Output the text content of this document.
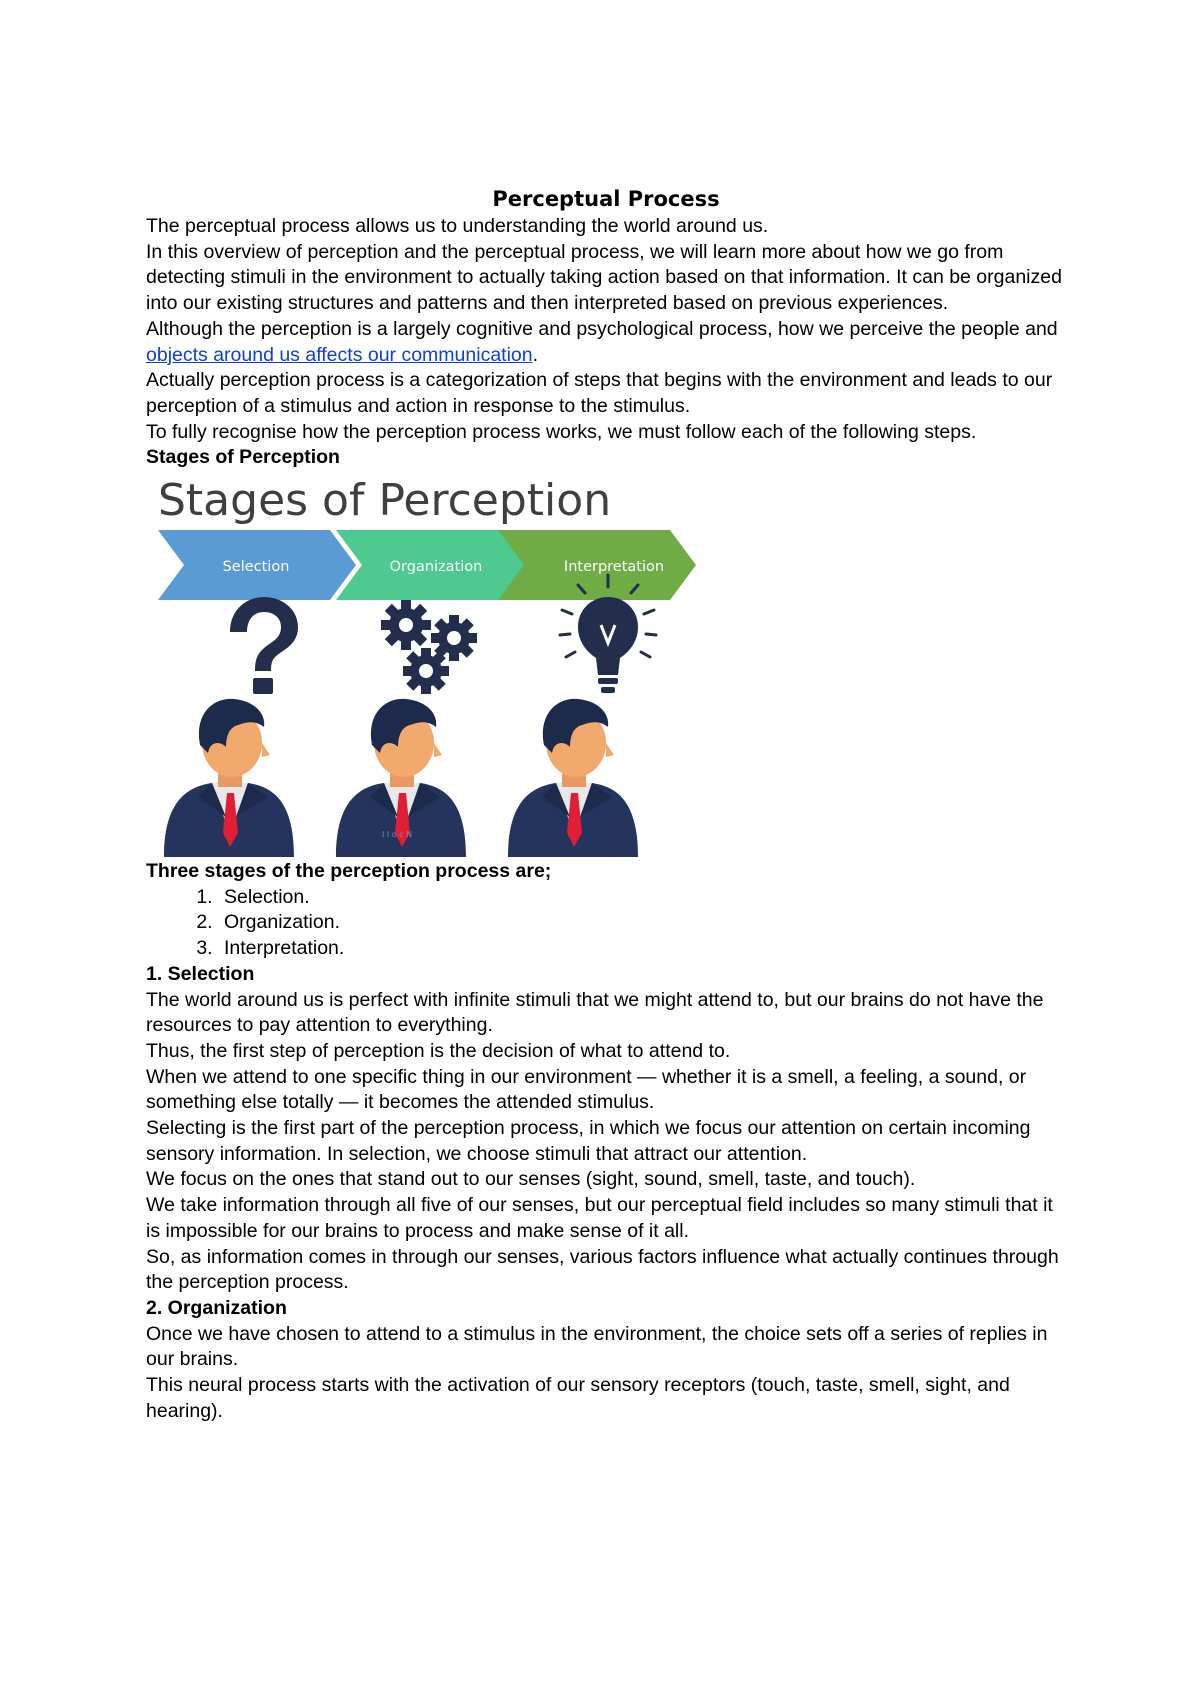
Perceptual Process

The perceptual process allows us to understanding the world around us.

In this overview of perception and the perceptual process, we will learn more about how we go from detecting stimuli in the environment to actually taking action based on that information. It can be organized into our existing structures and patterns and then interpreted based on previous experiences.

Although the perception is a largely cognitive and psychological process, how we perceive the people and objects around us affects our communication.

Actually perception process is a categorization of steps that begins with the environment and leads to our perception of a stimulus and action in response to the stimulus.

To fully recognise how the perception process works, we must follow each of the following steps.

Stages of Perception

Stages of Perception
Selection	Organization	Interpretation
I I o c N

Three stages of the perception process are;

1. Selection.
2. Organization.
3. Interpretation.

1. Selection

The world around us is perfect with infinite stimuli that we might attend to, but our brains do not have the resources to pay attention to everything.

Thus, the first step of perception is the decision of what to attend to.

When we attend to one specific thing in our environment — whether it is a smell, a feeling, a sound, or something else totally — it becomes the attended stimulus.

Selecting is the first part of the perception process, in which we focus our attention on certain incoming sensory information. In selection, we choose stimuli that attract our attention.

We focus on the ones that stand out to our senses (sight, sound, smell, taste, and touch).

We take information through all five of our senses, but our perceptual field includes so many stimuli that it is impossible for our brains to process and make sense of it all.

So, as information comes in through our senses, various factors influence what actually continues through the perception process.

2. Organization

Once we have chosen to attend to a stimulus in the environment, the choice sets off a series of replies in our brains.

This neural process starts with the activation of our sensory receptors (touch, taste, smell, sight, and hearing).
